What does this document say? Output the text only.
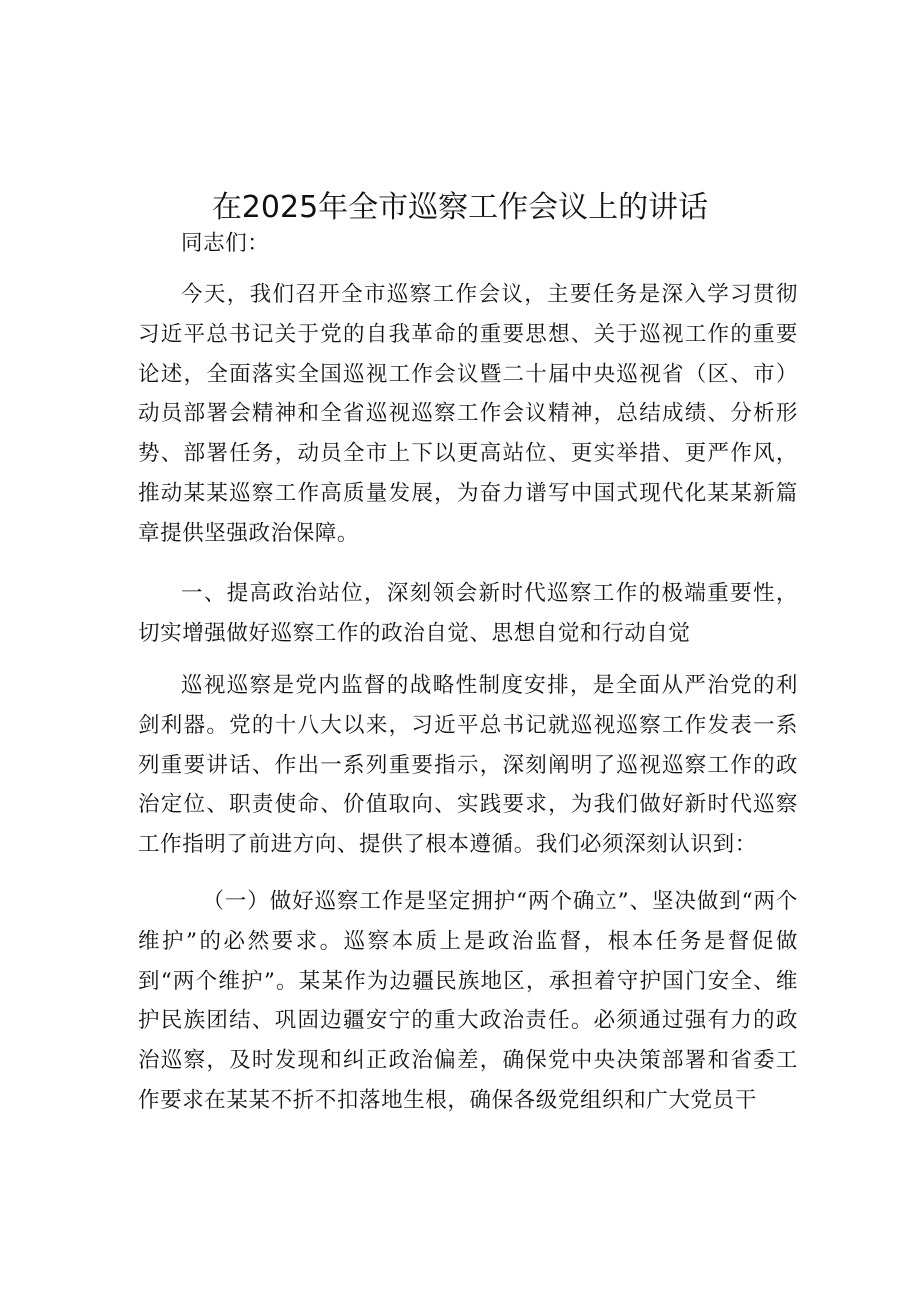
在2025年全市巡察工作会议上的讲话

同志们：

今天，我们召开全市巡察工作会议，主要任务是深入学习贯彻习近平总书记关于党的自我革命的重要思想、关于巡视工作的重要论述，全面落实全国巡视工作会议暨二十届中央巡视省（区、市）动员部署会精神和全省巡视巡察工作会议精神，总结成绩、分析形势、部署任务，动员全市上下以更高站位、更实举措、更严作风，推动某某巡察工作高质量发展，为奋力谱写中国式现代化某某新篇章提供坚强政治保障。

一、提高政治站位，深刻领会新时代巡察工作的极端重要性，切实增强做好巡察工作的政治自觉、思想自觉和行动自觉

巡视巡察是党内监督的战略性制度安排，是全面从严治党的利剑利器。党的十八大以来，习近平总书记就巡视巡察工作发表一系列重要讲话、作出一系列重要指示，深刻阐明了巡视巡察工作的政治定位、职责使命、价值取向、实践要求，为我们做好新时代巡察工作指明了前进方向、提供了根本遵循。我们必须深刻认识到：

（一）做好巡察工作是坚定拥护“两个确立”、坚决做到“两个维护”的必然要求。巡察本质上是政治监督，根本任务是督促做到“两个维护”。某某作为边疆民族地区，承担着守护国门安全、维护民族团结、巩固边疆安宁的重大政治责任。必须通过强有力的政治巡察，及时发现和纠正政治偏差，确保党中央决策部署和省委工作要求在某某不折不扣落地生根，确保各级党组织和广大党员干
